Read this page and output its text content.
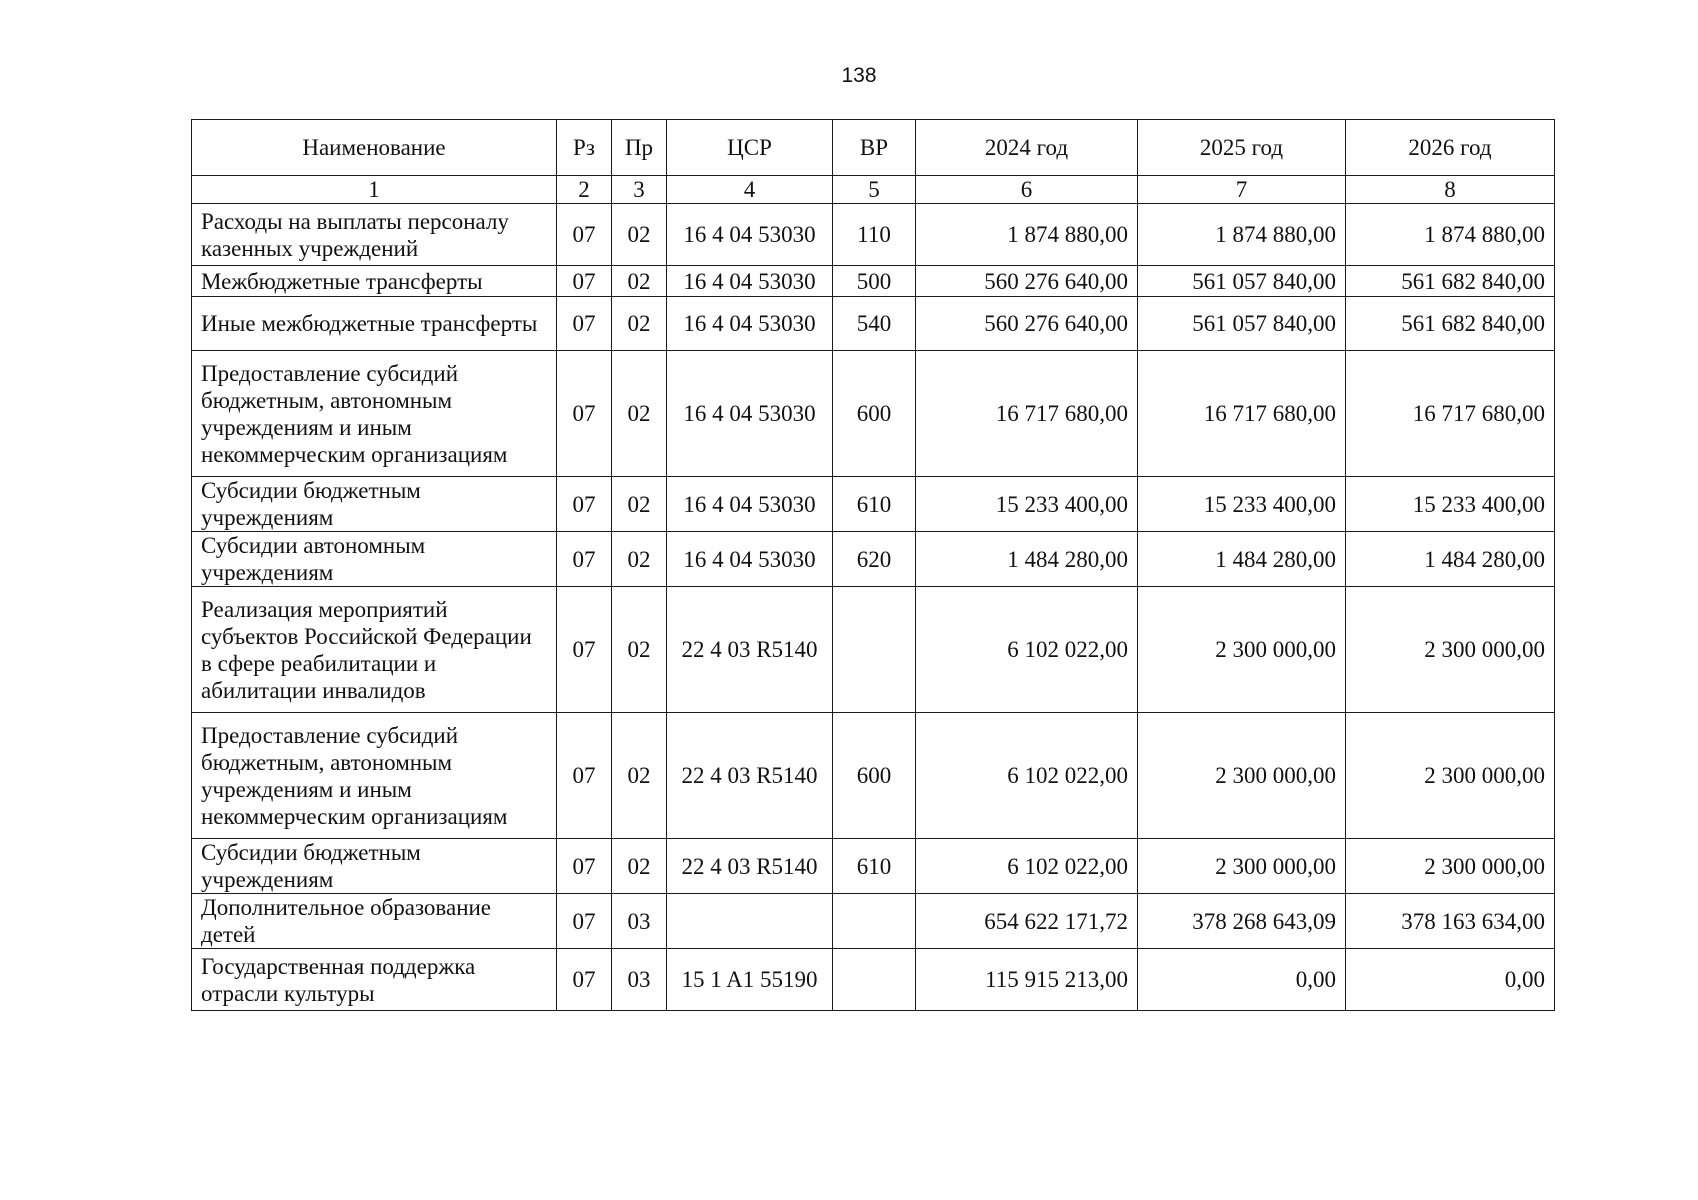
138
Наименование	Рз	Пр	ЦСР	ВР	2024 год	2025 год	2026 год
1	2	3	4	5	6	7	8
Расходы на выплаты персоналу казенных учреждений	07	02	16 4 04 53030	110	1 874 880,00	1 874 880,00	1 874 880,00
Межбюджетные трансферты	07	02	16 4 04 53030	500	560 276 640,00	561 057 840,00	561 682 840,00
Иные межбюджетные трансферты	07	02	16 4 04 53030	540	560 276 640,00	561 057 840,00	561 682 840,00
Предоставление субсидий бюджетным, автономным учреждениям и иным некоммерческим организациям	07	02	16 4 04 53030	600	16 717 680,00	16 717 680,00	16 717 680,00
Субсидии бюджетным учреждениям	07	02	16 4 04 53030	610	15 233 400,00	15 233 400,00	15 233 400,00
Субсидии автономным учреждениям	07	02	16 4 04 53030	620	1 484 280,00	1 484 280,00	1 484 280,00
Реализация мероприятий субъектов Российской Федерации в сфере реабилитации и абилитации инвалидов	07	02	22 4 03 R5140		6 102 022,00	2 300 000,00	2 300 000,00
Предоставление субсидий бюджетным, автономным учреждениям и иным некоммерческим организациям	07	02	22 4 03 R5140	600	6 102 022,00	2 300 000,00	2 300 000,00
Субсидии бюджетным учреждениям	07	02	22 4 03 R5140	610	6 102 022,00	2 300 000,00	2 300 000,00
Дополнительное образование детей	07	03			654 622 171,72	378 268 643,09	378 163 634,00
Государственная поддержка отрасли культуры	07	03	15 1 A1 55190		115 915 213,00	0,00	0,00
